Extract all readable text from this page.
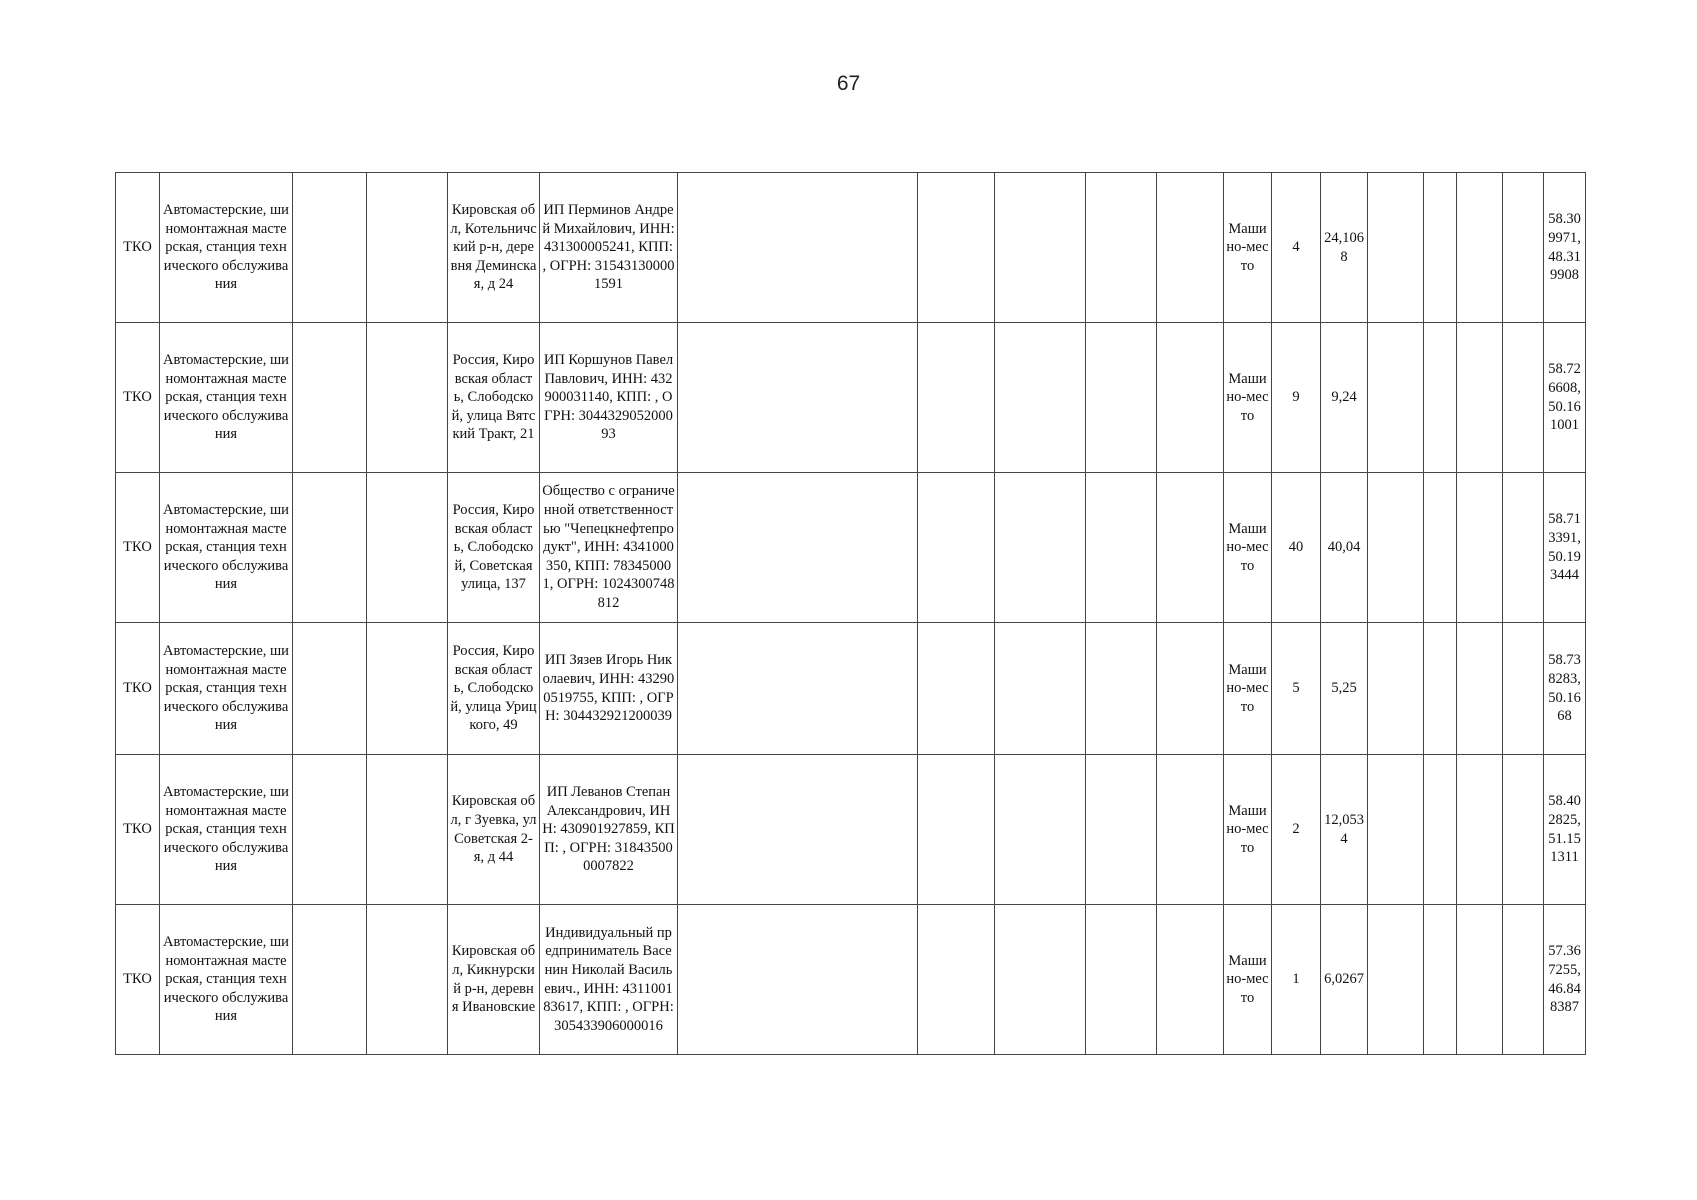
67
ТКО	Автомастерские, шиномонтажная мастерская, станция технического обслуживания			Кировская обл, Котельничский р-н, деревня Деминская, д 24	ИП Перминов Андрей Михайлович, ИНН: 431300005241, КПП: , ОГРН: 315431300001591						Машино-место	4	24,1068					58.309971, 48.319908
ТКО	Автомастерские, шиномонтажная мастерская, станция технического обслуживания			Россия, Кировская область, Слободской, улица Вятский Тракт, 21	ИП Коршунов Павел Павлович, ИНН: 432900031140, КПП: , ОГРН: 304432905200093						Машино-место	9	9,24					58.726608, 50.161001
ТКО	Автомастерские, шиномонтажная мастерская, станция технического обслуживания			Россия, Кировская область, Слободской, Советская улица, 137	Общество с ограниченной ответственностью "Чепецкнефтепродукт", ИНН: 4341000350, КПП: 783450001, ОГРН: 1024300748812						Машино-место	40	40,04					58.713391, 50.193444
ТКО	Автомастерские, шиномонтажная мастерская, станция технического обслуживания			Россия, Кировская область, Слободской, улица Урицкого, 49	ИП Зязев Игорь Николаевич, ИНН: 432900519755, КПП: , ОГРН: 304432921200039						Машино-место	5	5,25					58.738283, 50.1668
ТКО	Автомастерские, шиномонтажная мастерская, станция технического обслуживания			Кировская обл, г Зуевка, ул Советская 2-я, д 44	ИП Леванов Степан Александрович, ИНН: 430901927859, КПП: , ОГРН: 318435000007822						Машино-место	2	12,0534					58.402825, 51.151311
ТКО	Автомастерские, шиномонтажная мастерская, станция технического обслуживания			Кировская обл, Кикнурский р-н, деревня Ивановские	Индивидуальный предприниматель Васенин Николай Васильевич., ИНН: 431100183617, КПП: , ОГРН: 305433906000016						Машино-место	1	6,0267					57.367255, 46.848387
